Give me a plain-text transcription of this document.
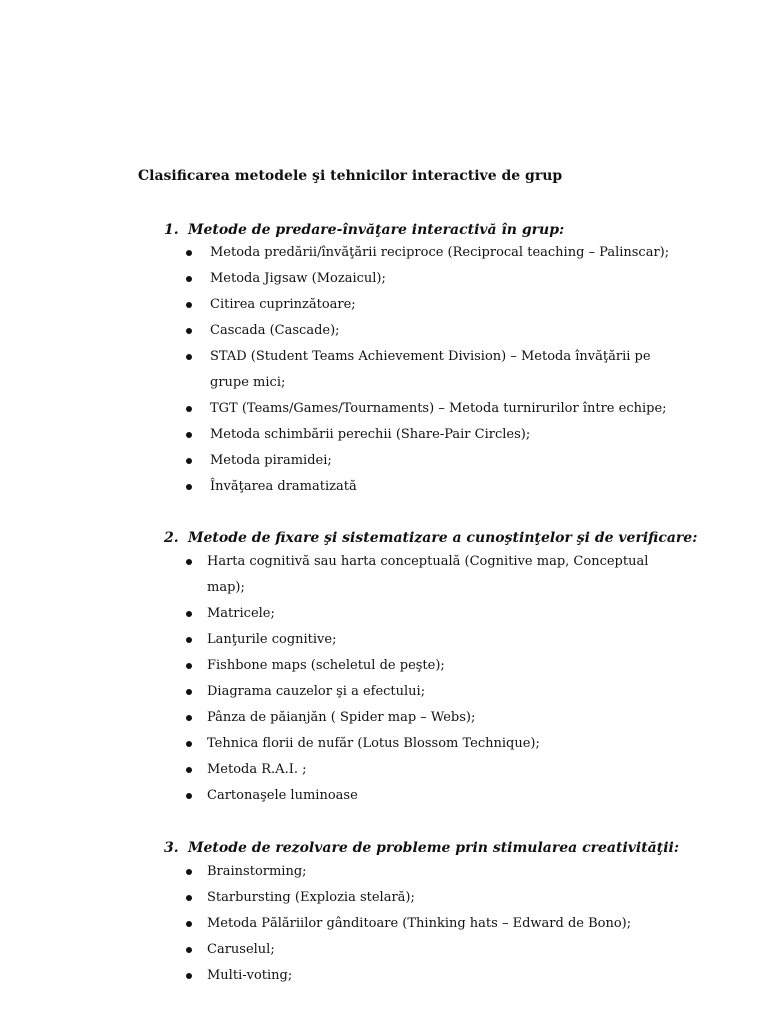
Clasificarea metodele şi tehnicilor interactive de grup
1. Metode de predare-învăţare interactivă în grup:
Metoda predării/învăţării reciproce (Reciprocal teaching – Palinscar);
Metoda Jigsaw (Mozaicul);
Citirea cuprinzătoare;
Cascada (Cascade);
STAD (Student Teams Achievement Division) – Metoda învăţării pe grupe mici;
TGT (Teams/Games/Tournaments) – Metoda turnirurilor între echipe;
Metoda schimbării perechii (Share-Pair Circles);
Metoda piramidei;
Învăţarea dramatizată
2. Metode de fixare şi sistematizare a cunoştinţelor şi de verificare:
Harta cognitivă sau harta conceptuală (Cognitive map, Conceptual map);
Matricele;
Lanţurile cognitive;
Fishbone maps (scheletul de peşte);
Diagrama cauzelor şi a efectului;
Pânza de păianjăn ( Spider map – Webs);
Tehnica florii de nufăr (Lotus Blossom Technique);
Metoda R.A.I. ;
Cartonaşele luminoase
3. Metode de rezolvare de probleme prin stimularea creativităţii:
Brainstorming;
Starbursting (Explozia stelară);
Metoda Pălăriilor gânditoare (Thinking hats – Edward de Bono);
Caruselul;
Multi-voting;
